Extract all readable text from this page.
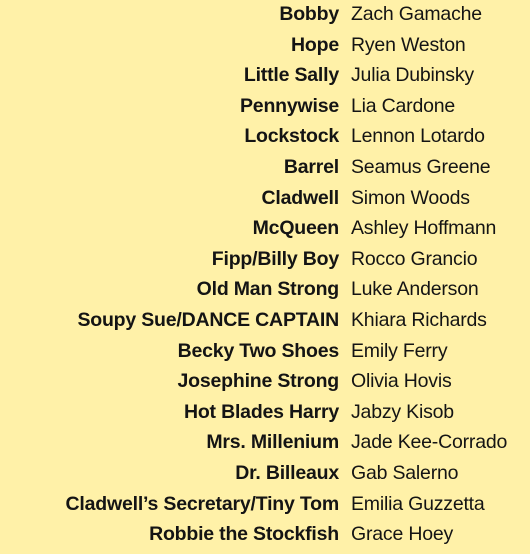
Bobby Zach Gamache
Hope Ryen Weston
Little Sally Julia Dubinsky
Pennywise Lia Cardone
Lockstock Lennon Lotardo
Barrel Seamus Greene
Cladwell Simon Woods
McQueen Ashley Hoffmann
Fipp/Billy Boy Rocco Grancio
Old Man Strong Luke Anderson
Soupy Sue/DANCE CAPTAIN Khiara Richards
Becky Two Shoes Emily Ferry
Josephine Strong Olivia Hovis
Hot Blades Harry Jabzy Kisob
Mrs. Millenium Jade Kee-Corrado
Dr. Billeaux Gab Salerno
Cladwell’s Secretary/Tiny Tom Emilia Guzzetta
Robbie the Stockfish Grace Hoey
